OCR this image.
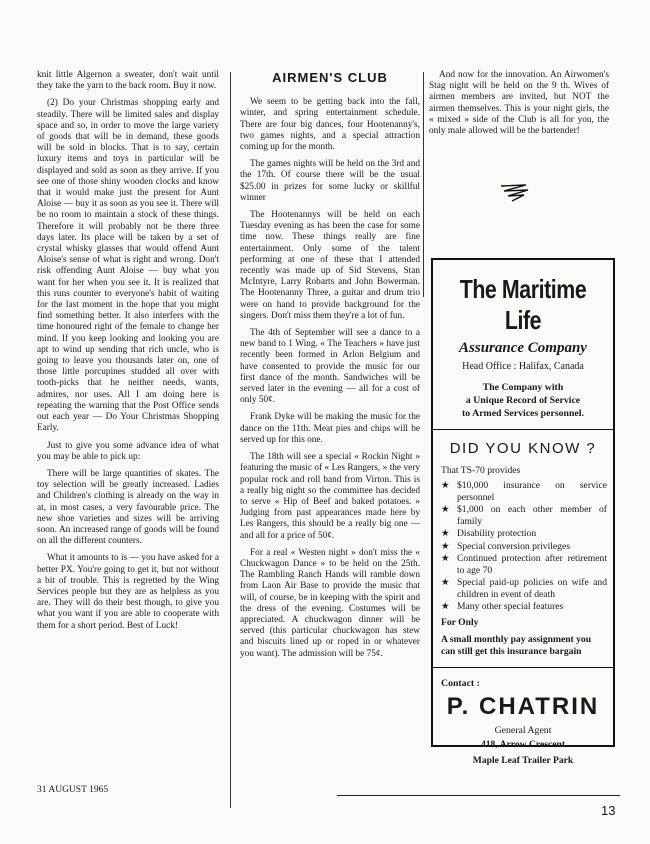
knit little Algernon a sweater, don't wait until they take the yarn to the back room. Buy it now.

(2) Do your Christmas shopping early and steadily. There will be limited sales and display space and so, in order to move the large variety of goods that will be in demand, these goods will be sold in blocks. That is to say, certain luxury items and toys in particular will be displayed and sold as soon as they arrive. If you see one of those shiny wooden clocks and know that it would make just the present for Aunt Aloise — buy it as soon as you see it. There will be no room to maintain a stock of these things. Therefore it will probably not be there three days later. Its place will be taken by a set of crystal whisky glasses that would offend Aunt Aloise's sense of what is right and wrong. Don't risk offending Aunt Aloise — buy what you want for her when you see it. It is realized that this runs counter to everyone's habit of waiting for the last moment in the hope that you might find something better. It also interfers with the time honoured right of the female to change her mind. If you keep looking and looking you are apt to wind up sending that rich uncle, who is going to leave you thousands later on, one of those little porcupines studded all over with tooth-picks that he neither needs, wants, admires, nor uses. All I am doing here is repeating the warning that the Post Office sends out each year — Do Your Christmas Shopping Early.

Just to give you some advance idea of what you may be able to pick up:

There will be large quantities of skates. The toy selection will be greatly increased. Ladies and Children's clothing is already on the way in at, in most cases, a very favourable price. The new shoe varieties and sizes will be arriving soon. An increased range of goods will be found on all the different counters.

What it amounts to is — you have asked for a better PX. You're going to get it, but not without a bit of trouble. This is regretted by the Wing Services people but they are as helpless as you are. They will do their best though, to give you what you want if you are able to cooperate with them for a short period. Best of Luck!

AIRMEN'S CLUB

We seem to be getting back into the fall, winter, and spring entertainment schedule. There are four big dances, four Hootenanny's, two games nights, and a special attraction coming up for the month.

The games nights will be held on the 3rd and the 17th. Of course there will be the usual $25.00 in prizes for some lucky or skillful winner

The Hootenannys will be held on each Tuesday evening as has been the case for some time now. These things really are fine entertainment. Only some of the talent performing at one of these that I attended recently was made up of Sid Stevens, Stan McIntyre, Larry Robarts and John Bowerman. The Hootenanny Three, a guitar and drum trio were on hand to provide background for the singers. Don't miss them they're a lot of fun.

The 4th of September will see a dance to a new band to 1 Wing. « The Teachers » have just recently been formed in Arlon Belgium and have consented to provide the music for our first dance of the month. Sandwiches will be served later in the evening — all for a cost of only 50¢.

Frank Dyke will be making the music for the dance on the 11th. Meat pies and chips will be served up for this one.

The 18th will see a special « Rockin Night » featuring the music of « Les Rangers, » the very popular rock and roll band from Virton. This is a really big night so the committee has decided to serve « Hip of Beef and baked potatoes. » Judging from past appearances made here by Les Rangers, this should be a really big one —and all for a price of 50¢.

For a real « Westen night » don't miss the « Chuckwagon Dance » to be held on the 25th. The Rambling Ranch Hands will ramble down from Laon Air Base to provide the music that will, of course, be in keeping with the spirit and the dress of the evening. Costumes will be appreciated. A chuckwagon dinner will be served (this particular chuckwagon has stew and biscuits lined up or roped in or whatever you want). The admission will be 75¢.

And now for the innovation. An Airwomen's Stag night will be held on the 9 th. Wives of airmen members are invited, but NOT the airmen themselves. This is your night girls, the « mixed » side of the Club is all for you, the only male allowed will be the bartender!

The Maritime Life
Assurance Company
Head Office : Halifax, Canada
The Company with
a Unique Record of Service
to Armed Services personnel.
DID YOU KNOW ?
That TS-70 provides
★ $10,000 insurance on service personnel
★ $1,000 on each other member of family
★ Disability protection
★ Special conversion privileges
★ Continued protection after retirement to age 70
★ Special paid-up policies on wife and children in event of death
★ Many other special features
For Only
A small monthly pay assignment you can still get this insurance bargain
Contact :
P. CHATRIN
General Agent
418, Arrow Crescent
Maple Leaf Trailer Park
31 AUGUST 1965
13
